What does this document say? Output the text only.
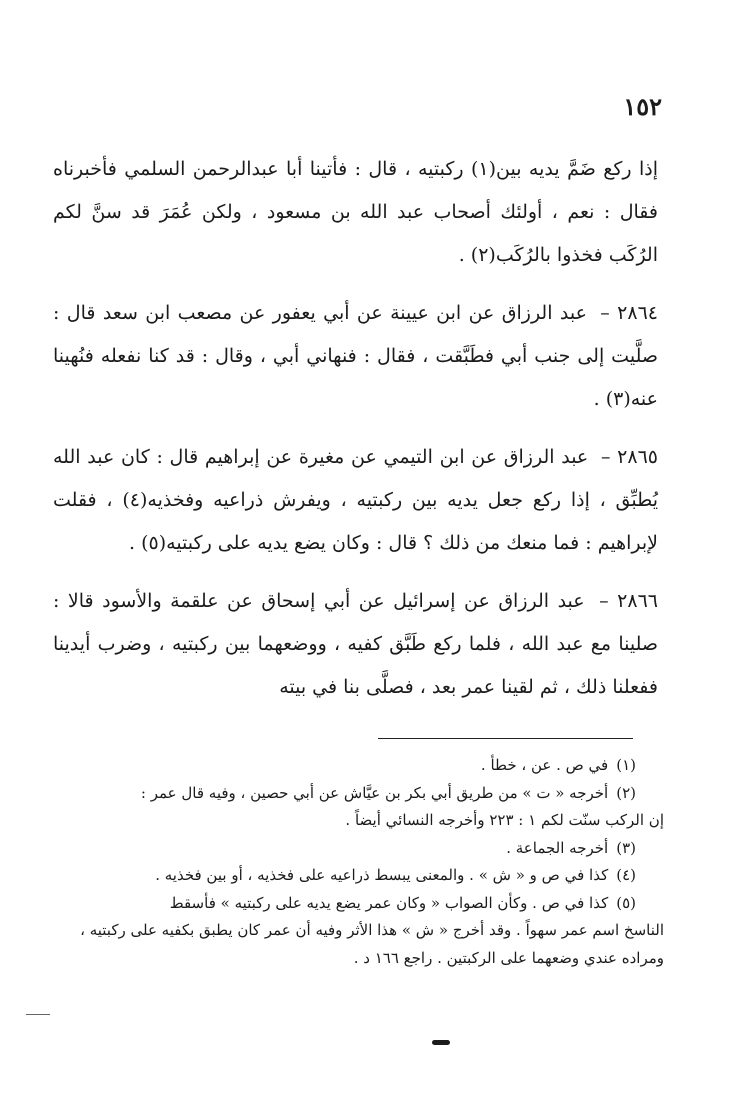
١٥٢

إذا ركع ضَمَّ يديه بين(١) ركبتيه ، قال : فأتينا أبا عبدالرحمن السلمي فأخبرناه فقال : نعم ، أولئك أصحاب عبد الله بن مسعود ، ولكن عُمَرَ قد سنَّ لكم الرُكَب فخذوا بالرُكَب(٢) .

٢٨٦٤ – عبد الرزاق عن ابن عيينة عن أبي يعفور عن مصعب ابن سعد قال : صلَّيت إلى جنب أبي فطَبَّقت ، فقال : فنهاني أبي ، وقال : قد كنا نفعله فنُهينا عنه(٣) .

٢٨٦٥ – عبد الرزاق عن ابن التيمي عن مغيرة عن إبراهيم قال : كان عبد الله يُطبِّق ، إذا ركع جعل يديه بين ركبتيه ، ويفرش ذراعيه وفخذيه(٤) ، فقلت لإبراهيم : فما منعك من ذلك ؟ قال : وكان يضع يديه على ركبتيه(٥) .

٢٨٦٦ – عبد الرزاق عن إسرائيل عن أبي إسحاق عن علقمة والأسود قالا : صلينا مع عبد الله ، فلما ركع طَبَّق كفيه ، ووضعهما بين ركبتيه ، وضرب أيدينا ففعلنا ذلك ، ثم لقينا عمر بعد ، فصلَّى بنا في بيته

(١)في ص . عن ، خطأ .

(٢)أخرجه « ت » من طريق أبي بكر بن عيَّاش عن أبي حصين ، وفيه قال عمر :

إن الركب سنّت لكم ١ : ٢٢٣ وأخرجه النسائي أيضاً .

(٣)أخرجه الجماعة .

(٤)كذا في ص و « ش » . والمعنى يبسط ذراعيه على فخذيه ، أو بين فخذيه .

(٥)كذا في ص . وكأن الصواب « وكان عمر يضع يديه على ركبتيه » فأسقط

الناسخ اسم عمر سهواً . وقد أخرج « ش » هذا الأثر وفيه أن عمر كان يطبق بكفيه على ركبتيه ، ومراده عندي وضعهما على الركبتين . راجع ١٦٦ د .
